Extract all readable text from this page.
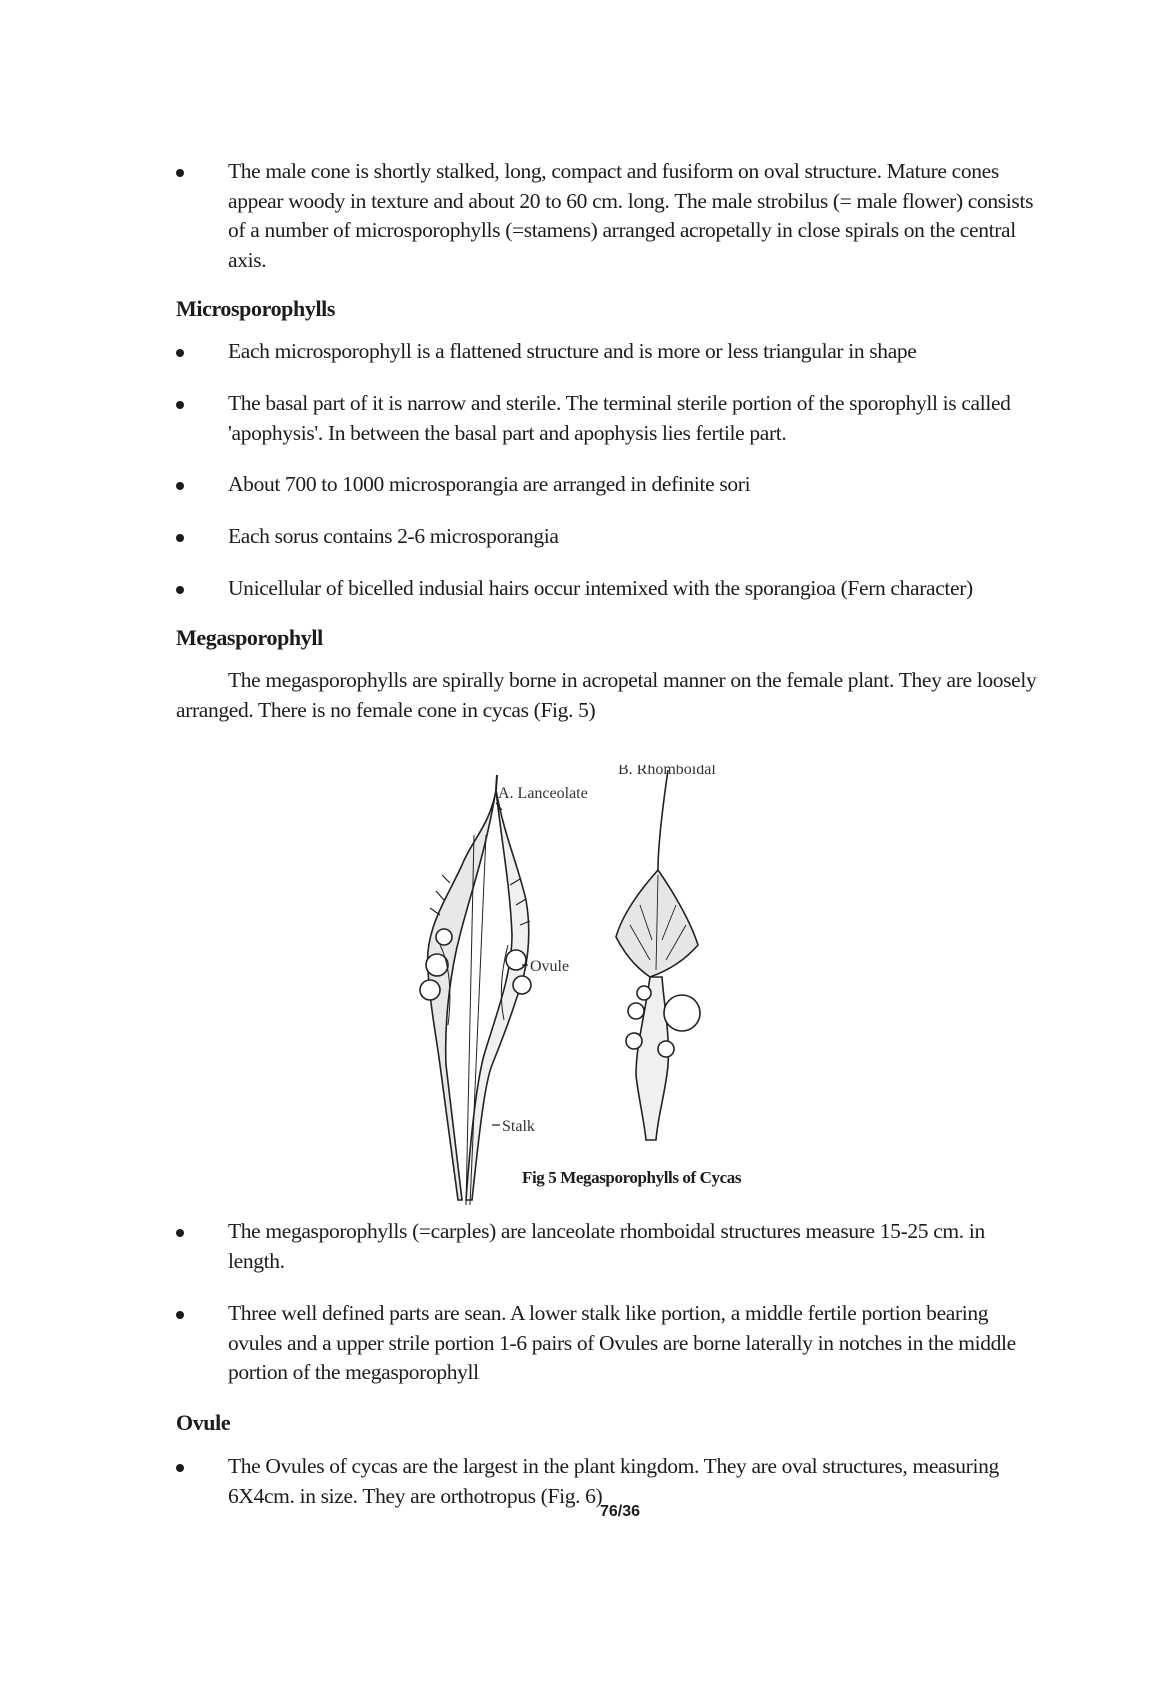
The male cone is shortly stalked, long, compact and fusiform on oval structure. Mature cones appear woody in texture and about 20 to 60 cm. long. The male strobilus (= male flower) consists of a number of microsporophylls (=stamens) arranged acropetally in close spirals on the central axis.
Microsporophylls
Each microsporophyll is a flattened structure and is more or less triangular in shape
The basal part of it is narrow and sterile. The terminal sterile portion of the sporophyll is called 'apophysis'. In between the basal part and apophysis lies fertile part.
About 700 to 1000 microsporangia are arranged in definite sori
Each sorus contains 2-6 microsporangia
Unicellular of bicelled indusial hairs occur intemixed with the sporangioa (Fern character)
Megasporophyll
The megasporophylls are spirally borne in acropetal manner on the female plant. They are loosely arranged. There is no female cone in cycas (Fig. 5)
A. Lanceolate
B. Rhomboidal
Ovule
Stalk
Fig 5 Megasporophylls of Cycas
The megasporophylls (=carples) are lanceolate rhomboidal structures measure 15-25 cm. in length.
Three well defined parts are sean. A lower stalk like portion, a middle fertile portion bearing ovules and a upper strile portion 1-6 pairs of Ovules are borne laterally in notches in the middle portion of the megasporophyll
Ovule
The Ovules of cycas are the largest in the plant kingdom. They are oval structures, measuring 6X4cm. in size. They are orthotropus (Fig. 6)
76/36
